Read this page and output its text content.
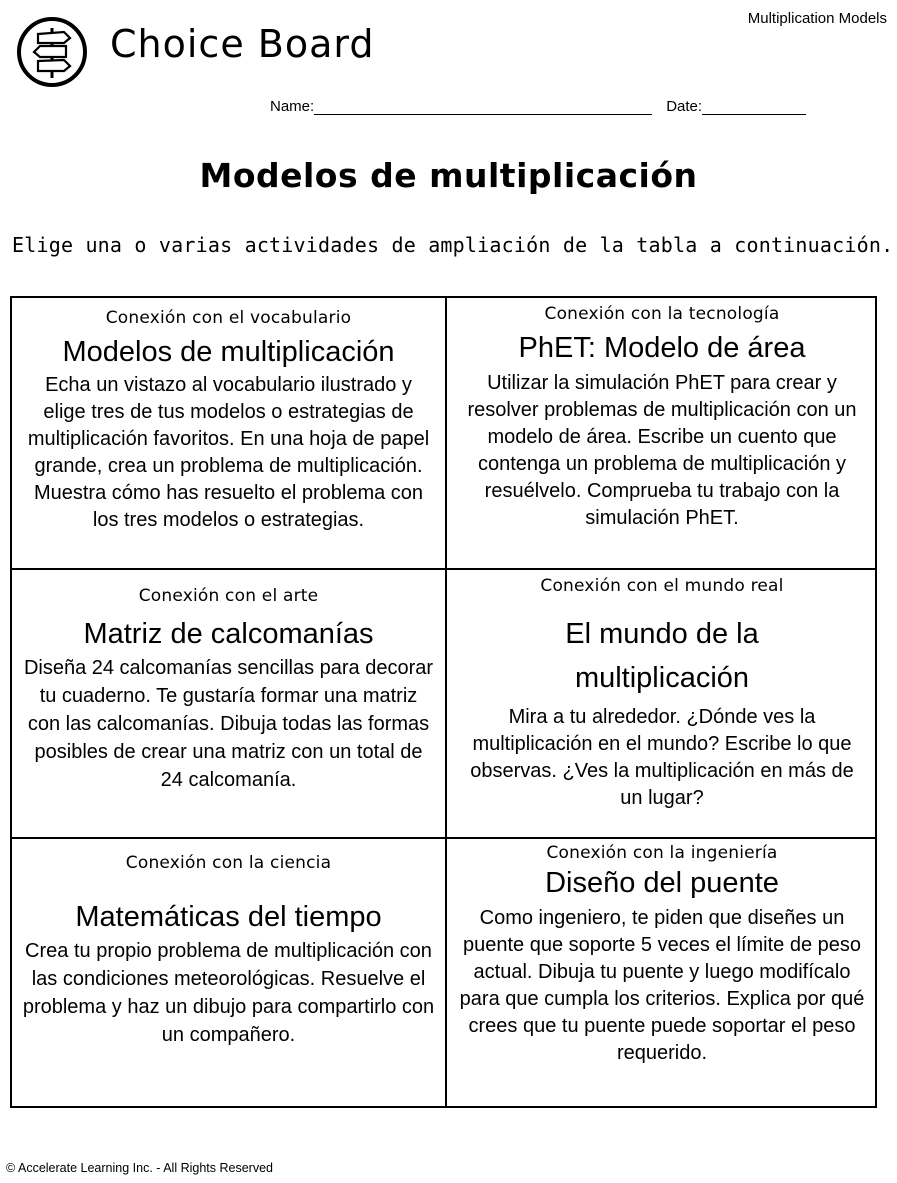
Choice Board
Multiplication Models
Name:	Date:
Modelos de multiplicación
Elige una o varias actividades de ampliación de la tabla a continuación.
Conexión con el vocabulario
Modelos de multiplicación
Echa un vistazo al vocabulario ilustrado y elige tres de tus modelos o estrategias de multiplicación favoritos. En una hoja de papel grande, crea un problema de multiplicación. Muestra cómo has resuelto el problema con los tres modelos o estrategias.
Conexión con la tecnología
PhET: Modelo de área
Utilizar la simulación PhET para crear y resolver problemas de multiplicación con un modelo de área. Escribe un cuento que contenga un problema de multiplicación y resuélvelo. Comprueba tu trabajo con la simulación PhET.
Conexión con el arte
Matriz de calcomanías
Diseña 24 calcomanías sencillas para decorar tu cuaderno. Te gustaría formar una matriz con las calcomanías. Dibuja todas las formas posibles de crear una matriz con un total de 24 calcomanía.
Conexión con el mundo real
El mundo de la multiplicación
Mira a tu alrededor. ¿Dónde ves la multiplicación en el mundo? Escribe lo que observas. ¿Ves la multiplicación en más de un lugar?
Conexión con la ciencia
Matemáticas del tiempo
Crea tu propio problema de multiplicación con las condiciones meteorológicas. Resuelve el problema y haz un dibujo para compartirlo con un compañero.
Conexión con la ingeniería
Diseño del puente
Como ingeniero, te piden que diseñes un puente que soporte 5 veces el límite de peso actual. Dibuja tu puente y luego modifícalo para que cumpla los criterios. Explica por qué crees que tu puente puede soportar el peso requerido.
© Accelerate Learning Inc. - All Rights Reserved
